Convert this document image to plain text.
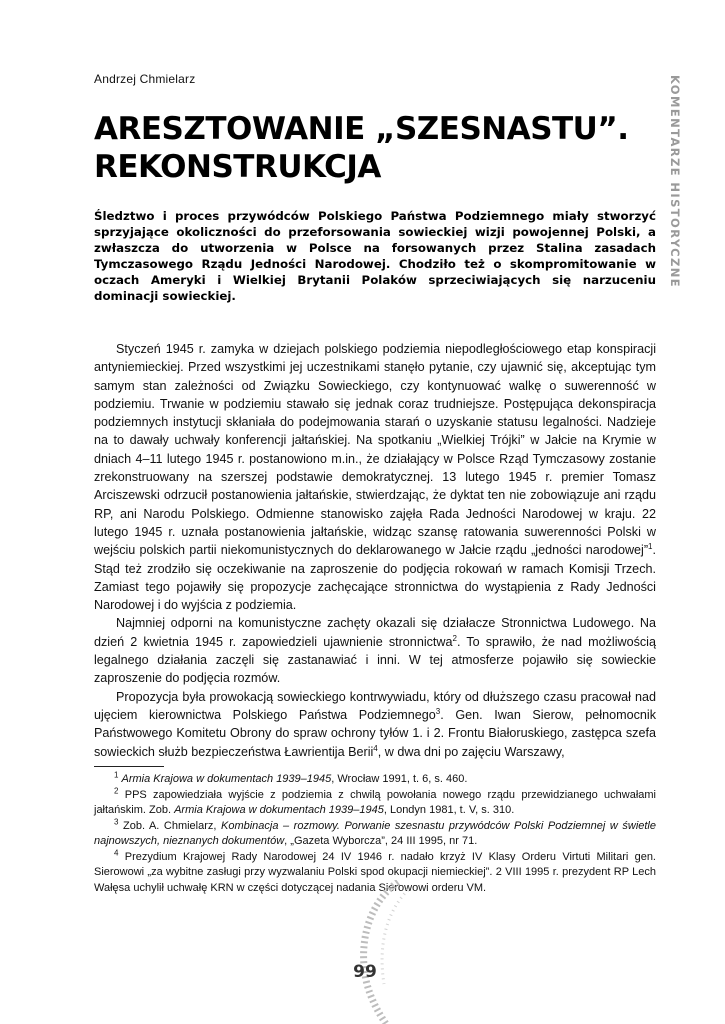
Andrzej Chmielarz	KOMENTARZE HISTORYCZNE
ARESZTOWANIE „SZESNASTU”.
REKONSTRUKCJA

Śledztwo i proces przywódców Polskiego Państwa Podziemnego miały stworzyć sprzyjające okoliczności do przeforsowania sowieckiej wizji powojennej Polski, a zwłaszcza do utworzenia w Polsce na forsowanych przez Stalina zasadach Tymczasowego Rządu Jedności Narodowej. Chodziło też o skompromitowanie w oczach Ameryki i Wielkiej Brytanii Polaków sprzeciwiających się narzuceniu dominacji sowieckiej.

Styczeń 1945 r. zamyka w dziejach polskiego podziemia niepodległościowego etap konspiracji antyniemieckiej. Przed wszystkimi jej uczestnikami stanęło pytanie, czy ujawnić się, akceptując tym samym stan zależności od Związku Sowieckiego, czy kontynuować walkę o suwerenność w podziemiu. Trwanie w podziemiu stawało się jednak coraz trudniejsze. Postępująca dekonspiracja podziemnych instytucji skłaniała do podejmowania starań o uzyskanie statusu legalności. Nadzieje na to dawały uchwały konferencji jałtańskiej. Na spotkaniu „Wielkiej Trójki” w Jałcie na Krymie w dniach 4–11 lutego 1945 r. postanowiono m.in., że działający w Polsce Rząd Tymczasowy zostanie zrekonstruowany na szerszej podstawie demokratycznej. 13 lutego 1945 r. premier Tomasz Arciszewski odrzucił postanowienia jałtańskie, stwierdzając, że dyktat ten nie zobowiązuje ani rządu RP, ani Narodu Polskiego. Odmienne stanowisko zajęła Rada Jedności Narodowej w kraju. 22 lutego 1945 r. uznała postanowienia jałtańskie, widząc szansę ratowania suwerenności Polski w wejściu polskich partii niekomunistycznych do deklarowanego w Jałcie rządu „jedności narodowej”$^1$. Stąd też zrodziło się oczekiwanie na zaproszenie do podjęcia rokowań w ramach Komisji Trzech. Zamiast tego pojawiły się propozycje zachęcające stronnictwa do wystąpienia z Rady Jedności Narodowej i do wyjścia z podziemia.

Najmniej odporni na komunistyczne zachęty okazali się działacze Stronnictwa Ludowego. Na dzień 2 kwietnia 1945 r. zapowiedzieli ujawnienie stronnictwa$^2$. To sprawiło, że nad możliwością legalnego działania zaczęli się zastanawiać i inni. W tej atmosferze pojawiło się sowieckie zaproszenie do podjęcia rozmów.

Propozycja była prowokacją sowieckiego kontrwywiadu, który od dłuższego czasu pracował nad ujęciem kierownictwa Polskiego Państwa Podziemnego$^3$. Gen. Iwan Sierow, pełnomocnik Państwowego Komitetu Obrony do spraw ochrony tyłów 1. i 2. Frontu Białoruskiego, zastępca szefa sowieckich służb bezpieczeństwa Ławrientija Berii$^4$, w dwa dni po zajęciu Warszawy,

$^1$ Armia Krajowa w dokumentach 1939–1945, Wrocław 1991, t. 6, s. 460.

$^2$ PPS zapowiedziała wyjście z podziemia z chwilą powołania nowego rządu przewidzianego uchwałami jałtańskim. Zob. Armia Krajowa w dokumentach 1939–1945, Londyn 1981, t. V, s. 310.

$^3$ Zob. A. Chmielarz, Kombinacja – rozmowy. Porwanie szesnastu przywódców Polski Podziemnej w świetle najnowszych, nieznanych dokumentów, „Gazeta Wyborcza”, 24 III 1995, nr 71.

$^4$ Prezydium Krajowej Rady Narodowej 24 IV 1946 r. nadało krzyż IV Klasy Orderu Virtuti Militari gen. Sierowowi „za wybitne zasługi przy wyzwalaniu Polski spod okupacji niemieckiej”. 2 VIII 1995 r. prezydent RP Lech Wałęsa uchylił uchwałę KRN w części dotyczącej nadania Sierowowi orderu VM.

99
